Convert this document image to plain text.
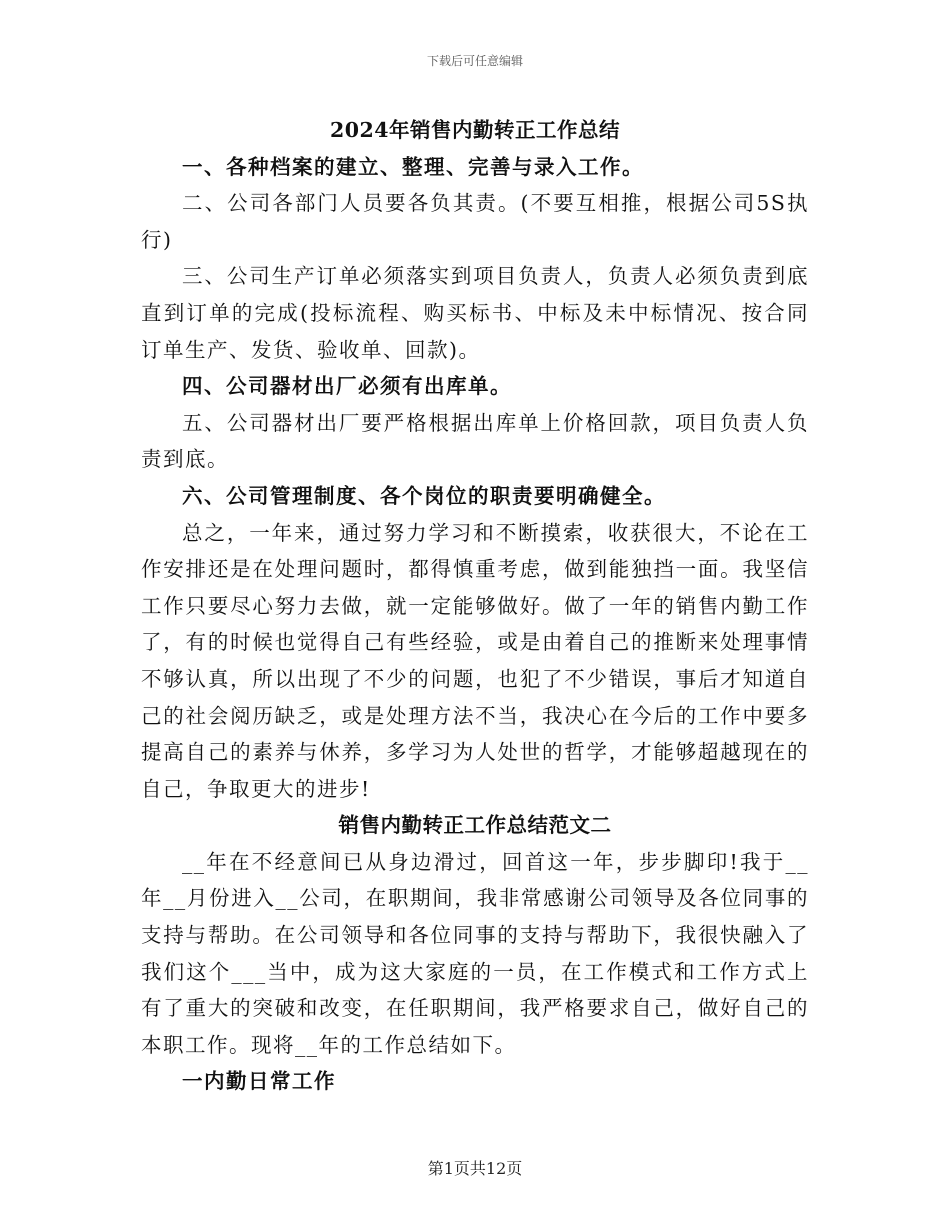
下载后可任意编辑

2024年销售内勤转正工作总结

一、各种档案的建立、整理、完善与录入工作。

二、公司各部门人员要各负其责。(不要互相推，根据公司5S执行)

三、公司生产订单必须落实到项目负责人，负责人必须负责到底直到订单的完成(投标流程、购买标书、中标及未中标情况、按合同订单生产、发货、验收单、回款)。

四、公司器材出厂必须有出库单。

五、公司器材出厂要严格根据出库单上价格回款，项目负责人负责到底。

六、公司管理制度、各个岗位的职责要明确健全。

总之，一年来，通过努力学习和不断摸索，收获很大，不论在工作安排还是在处理问题时，都得慎重考虑，做到能独挡一面。我坚信工作只要尽心努力去做，就一定能够做好。做了一年的销售内勤工作了，有的时候也觉得自己有些经验，或是由着自己的推断来处理事情不够认真，所以出现了不少的问题，也犯了不少错误，事后才知道自己的社会阅历缺乏，或是处理方法不当，我决心在今后的工作中要多提高自己的素养与休养，多学习为人处世的哲学，才能够超越现在的自己，争取更大的进步!

销售内勤转正工作总结范文二

__年在不经意间已从身边滑过，回首这一年，步步脚印!我于__年__月份进入__公司，在职期间，我非常感谢公司领导及各位同事的支持与帮助。在公司领导和各位同事的支持与帮助下，我很快融入了我们这个___当中，成为这大家庭的一员，在工作模式和工作方式上有了重大的突破和改变，在任职期间，我严格要求自己，做好自己的本职工作。现将__年的工作总结如下。

一内勤日常工作

第1页共12页
